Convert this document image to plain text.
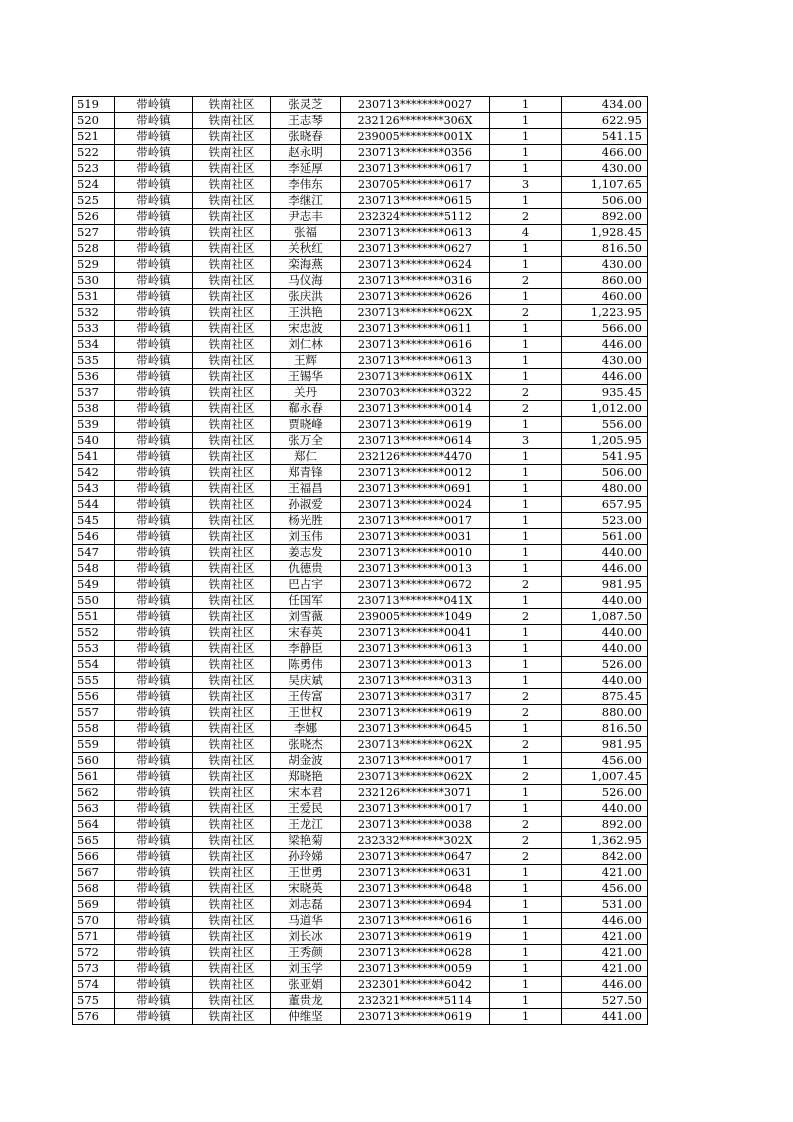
519	带岭镇	铁南社区	张灵芝	230713********0027	1	434.00
520	带岭镇	铁南社区	王志琴	232126********306X	1	622.95
521	带岭镇	铁南社区	张晓春	239005********001X	1	541.15
522	带岭镇	铁南社区	赵永明	230713********0356	1	466.00
523	带岭镇	铁南社区	李延厚	230713********0617	1	430.00
524	带岭镇	铁南社区	李伟东	230705********0617	3	1,107.65
525	带岭镇	铁南社区	李继江	230713********0615	1	506.00
526	带岭镇	铁南社区	尹志丰	232324********5112	2	892.00
527	带岭镇	铁南社区	张福	230713********0613	4	1,928.45
528	带岭镇	铁南社区	关秋红	230713********0627	1	816.50
529	带岭镇	铁南社区	栾海燕	230713********0624	1	430.00
530	带岭镇	铁南社区	马仪海	230713********0316	2	860.00
531	带岭镇	铁南社区	张庆洪	230713********0626	1	460.00
532	带岭镇	铁南社区	王洪艳	230713********062X	2	1,223.95
533	带岭镇	铁南社区	宋忠波	230713********0611	1	566.00
534	带岭镇	铁南社区	刘仁林	230713********0616	1	446.00
535	带岭镇	铁南社区	王辉	230713********0613	1	430.00
536	带岭镇	铁南社区	王锡华	230713********061X	1	446.00
537	带岭镇	铁南社区	关丹	230703********0322	2	935.45
538	带岭镇	铁南社区	郗永春	230713********0014	2	1,012.00
539	带岭镇	铁南社区	贾晓峰	230713********0619	1	556.00
540	带岭镇	铁南社区	张万全	230713********0614	3	1,205.95
541	带岭镇	铁南社区	郑仁	232126********4470	1	541.95
542	带岭镇	铁南社区	郑青锋	230713********0012	1	506.00
543	带岭镇	铁南社区	王福昌	230713********0691	1	480.00
544	带岭镇	铁南社区	孙淑爱	230713********0024	1	657.95
545	带岭镇	铁南社区	杨光胜	230713********0017	1	523.00
546	带岭镇	铁南社区	刘玉伟	230713********0031	1	561.00
547	带岭镇	铁南社区	姜志发	230713********0010	1	440.00
548	带岭镇	铁南社区	仇德贵	230713********0013	1	446.00
549	带岭镇	铁南社区	巴占宇	230713********0672	2	981.95
550	带岭镇	铁南社区	任国军	230713********041X	1	440.00
551	带岭镇	铁南社区	刘雪薇	239005********1049	2	1,087.50
552	带岭镇	铁南社区	宋春英	230713********0041	1	440.00
553	带岭镇	铁南社区	李静臣	230713********0613	1	440.00
554	带岭镇	铁南社区	陈勇伟	230713********0013	1	526.00
555	带岭镇	铁南社区	吴庆斌	230713********0313	1	440.00
556	带岭镇	铁南社区	王传富	230713********0317	2	875.45
557	带岭镇	铁南社区	王世权	230713********0619	2	880.00
558	带岭镇	铁南社区	李娜	230713********0645	1	816.50
559	带岭镇	铁南社区	张晓杰	230713********062X	2	981.95
560	带岭镇	铁南社区	胡金波	230713********0017	1	456.00
561	带岭镇	铁南社区	郑晓艳	230713********062X	2	1,007.45
562	带岭镇	铁南社区	宋本君	232126********3071	1	526.00
563	带岭镇	铁南社区	王爱民	230713********0017	1	440.00
564	带岭镇	铁南社区	王龙江	230713********0038	2	892.00
565	带岭镇	铁南社区	梁艳菊	232332********302X	2	1,362.95
566	带岭镇	铁南社区	孙玲娣	230713********0647	2	842.00
567	带岭镇	铁南社区	王世勇	230713********0631	1	421.00
568	带岭镇	铁南社区	宋晓英	230713********0648	1	456.00
569	带岭镇	铁南社区	刘志磊	230713********0694	1	531.00
570	带岭镇	铁南社区	马道华	230713********0616	1	446.00
571	带岭镇	铁南社区	刘长冰	230713********0619	1	421.00
572	带岭镇	铁南社区	王秀颜	230713********0628	1	421.00
573	带岭镇	铁南社区	刘玉学	230713********0059	1	421.00
574	带岭镇	铁南社区	张亚娟	232301********6042	1	446.00
575	带岭镇	铁南社区	董贵龙	232321********5114	1	527.50
576	带岭镇	铁南社区	仲维坚	230713********0619	1	441.00
